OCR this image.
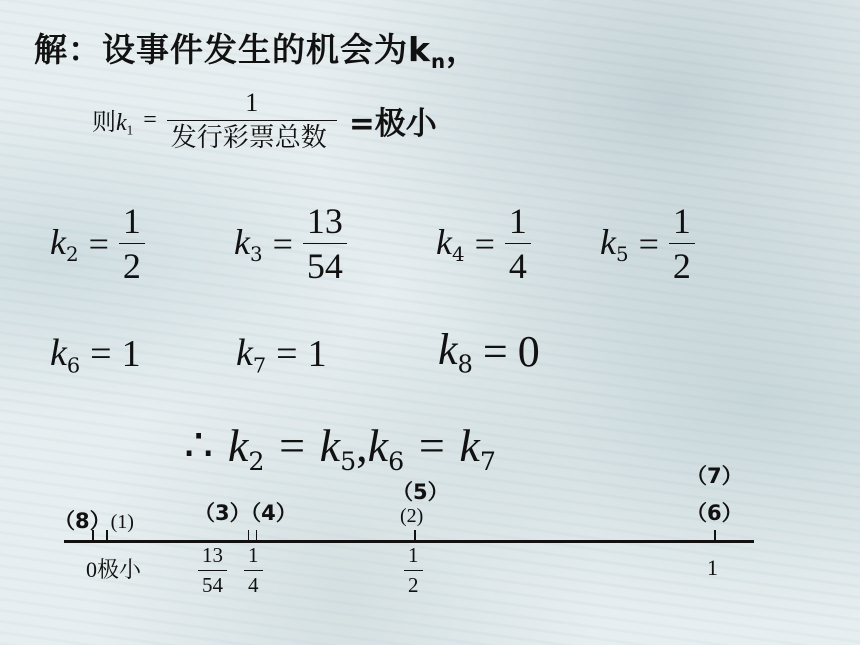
解：设事件发生的机会为$k_n$，
则$k_1 = \frac{1}{\text{发行彩票总数}}$ =极小
$k_2 = \frac{1}{2} k_3 = \frac{13}{54} k_4 = \frac{1}{4} k_5 = \frac{1}{2}$
$k_6 = 1$	$k_7 = 1$	$k_8 = 0$
∴ $k_2 = k_5,k_6 = k_7$
（8）(1)	（3）（4）
（5）
(2)
（7）
（6）
0极小	$\frac{13}{54} \frac{1}{4}$	$\frac{1}{2}$	1
